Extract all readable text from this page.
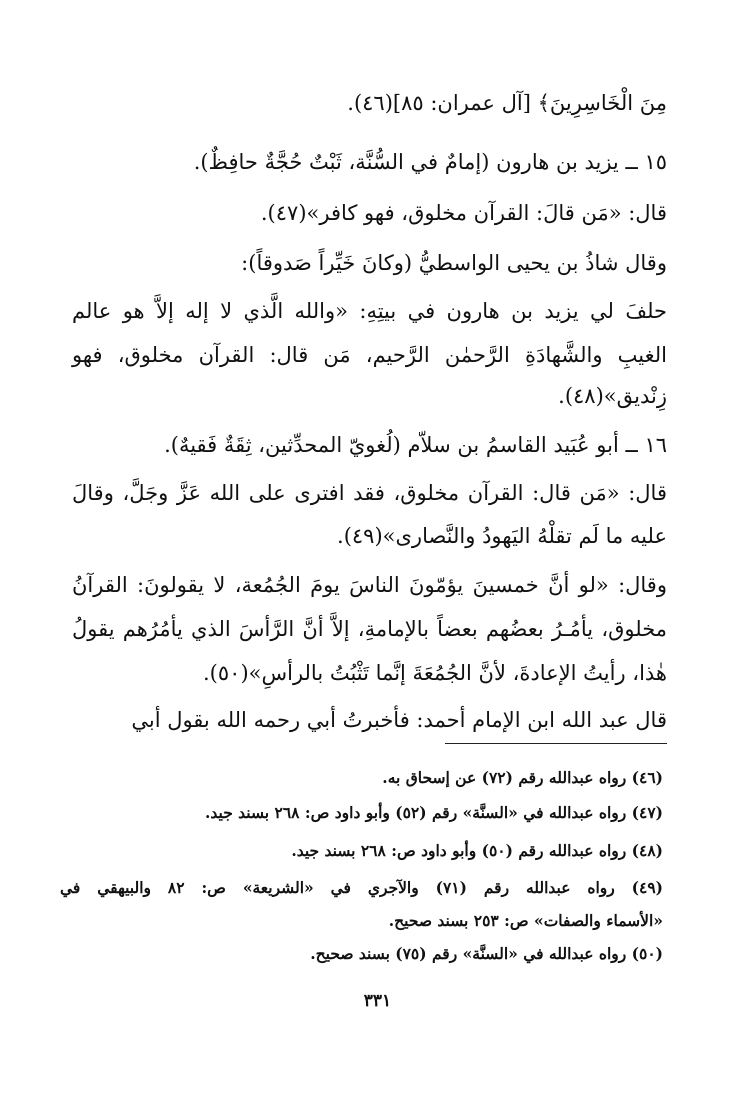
مِنَ الْخَاسِرِينَ﴾ [آل عمران: ٨٥](٤٦).
١٥ ــ يزيد بن هارون (إمامٌ في السُّنَّة، ثَبْتٌ حُجَّةٌ حافِظٌ).
قال: «مَن قالَ: القرآن مخلوق، فهو كافر»(٤٧).
وقال شاذُ بن يحيى الواسطيُّ (وكانَ خَيِّراً صَدوقاً):
حلفَ لي يزيد بن هارون في بيتِهِ: «والله الَّذي لا إله إلاَّ هو عالم
الغيبِ والشَّهادَةِ الرَّحمٰن الرَّحيم، مَن قال: القرآن مخلوق، فهو
زِنْديق»(٤٨).
١٦ ــ أبو عُبَيد القاسمُ بن سلاّم (لُغويّ المحدِّثين، ثِقَةٌ فَقيهٌ).
قال: «مَن قال: القرآن مخلوق، فقد افترى على الله عَزَّ وجَلَّ، وقالَ
عليه ما لَم تقلْهُ اليَهودُ والنَّصارى»(٤٩).
وقال: «لو أنَّ خمسينَ يؤمّونَ الناسَ يومَ الجُمُعة، لا يقولونَ: القرآنُ
مخلوق، يأمُـرُ بعضُهم بعضاً بالإمامةِ، إلاَّ أنَّ الرَّأسَ الذي يأمُرُهم يقولُ
هٰذا، رأيتُ الإعادةَ، لأنَّ الجُمُعَةَ إنَّما تَثْبُتُ بالرأسِ»(٥٠).
قال عبد الله ابن الإمام أحمد: فأخبرتُ أبي رحمه الله بقول أبي
(٤٦) رواه عبدالله رقم (٧٢) عن إسحاق به.
(٤٧) رواه عبدالله في «السنَّة» رقم (٥٢) وأبو داود ص: ٢٦٨ بسند جيد.
(٤٨) رواه عبدالله رقم (٥٠) وأبو داود ص: ٢٦٨ بسند جيد.
(٤٩) رواه عبدالله رقم (٧١) والآجري في «الشريعة» ص: ٨٢ والبيهقي في
«الأسماء والصفات» ص: ٢٥٣ بسند صحيح.
(٥٠) رواه عبدالله في «السنَّة» رقم (٧٥) بسند صحيح.
٣٣١
